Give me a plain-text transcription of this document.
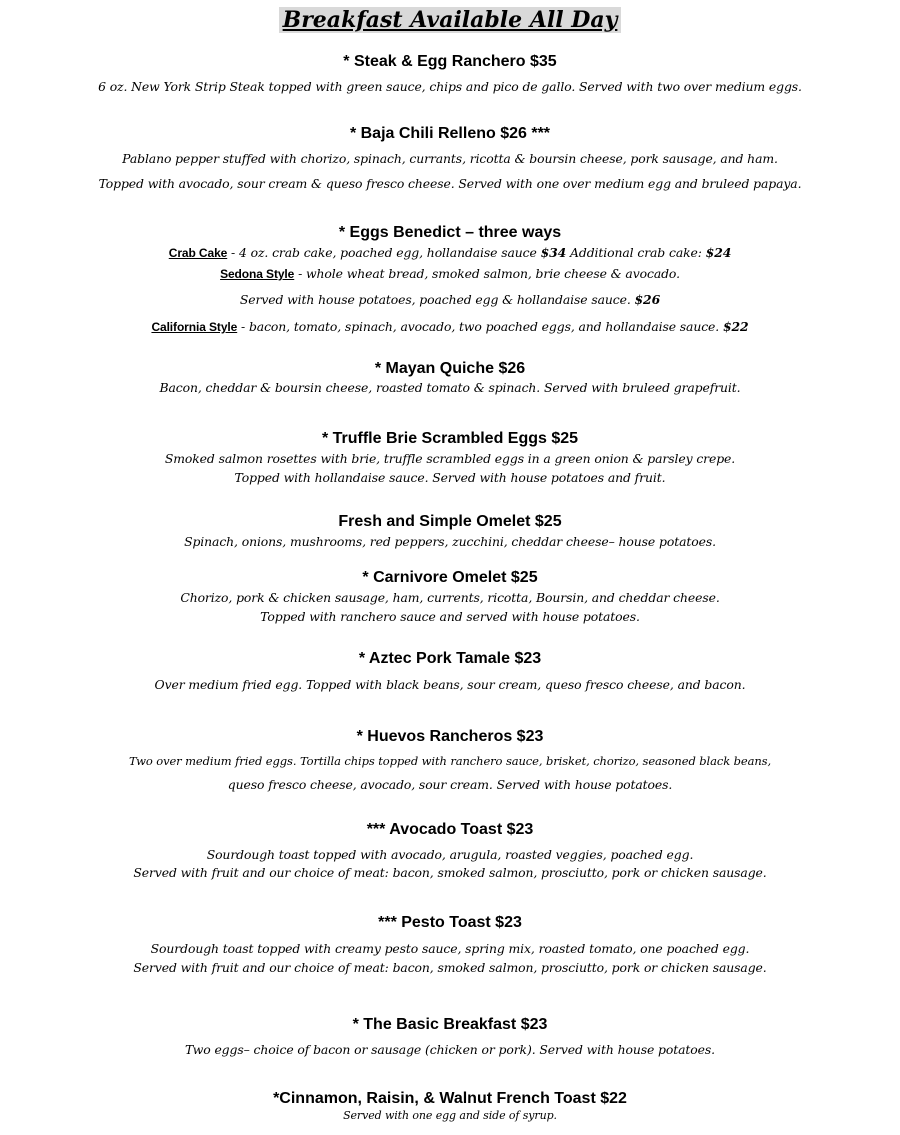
Breakfast Available All Day
* Steak & Egg Ranchero $35
6 oz. New York Strip Steak topped with green sauce, chips and pico de gallo. Served with two over medium eggs.
* Baja Chili Relleno $26 ***
Pablano pepper stuffed with chorizo, spinach, currants, ricotta & boursin cheese, pork sausage, and ham.
Topped with avocado, sour cream & queso fresco cheese. Served with one over medium egg and bruleed papaya.
* Eggs Benedict – three ways
Crab Cake - 4 oz. crab cake, poached egg, hollandaise sauce $34 Additional crab cake: $24
Sedona Style - whole wheat bread, smoked salmon, brie cheese & avocado.
Served with house potatoes, poached egg & hollandaise sauce. $26
California Style - bacon, tomato, spinach, avocado, two poached eggs, and hollandaise sauce. $22
* Mayan Quiche $26
Bacon, cheddar & boursin cheese, roasted tomato & spinach. Served with bruleed grapefruit.
* Truffle Brie Scrambled Eggs $25
Smoked salmon rosettes with brie, truffle scrambled eggs in a green onion & parsley crepe.
Topped with hollandaise sauce. Served with house potatoes and fruit.
Fresh and Simple Omelet $25
Spinach, onions, mushrooms, red peppers, zucchini, cheddar cheese– house potatoes.
* Carnivore Omelet $25
Chorizo, pork & chicken sausage, ham, currents, ricotta, Boursin, and cheddar cheese.
Topped with ranchero sauce and served with house potatoes.
* Aztec Pork Tamale $23
Over medium fried egg. Topped with black beans, sour cream, queso fresco cheese, and bacon.
* Huevos Rancheros $23
Two over medium fried eggs. Tortilla chips topped with ranchero sauce, brisket, chorizo, seasoned black beans,
queso fresco cheese, avocado, sour cream. Served with house potatoes.
*** Avocado Toast $23
Sourdough toast topped with avocado, arugula, roasted veggies, poached egg.
Served with fruit and our choice of meat: bacon, smoked salmon, prosciutto, pork or chicken sausage.
*** Pesto Toast $23
Sourdough toast topped with creamy pesto sauce, spring mix, roasted tomato, one poached egg.
Served with fruit and our choice of meat: bacon, smoked salmon, prosciutto, pork or chicken sausage.
* The Basic Breakfast $23
Two eggs– choice of bacon or sausage (chicken or pork). Served with house potatoes.
*Cinnamon, Raisin, & Walnut French Toast $22
Served with one egg and side of syrup.
